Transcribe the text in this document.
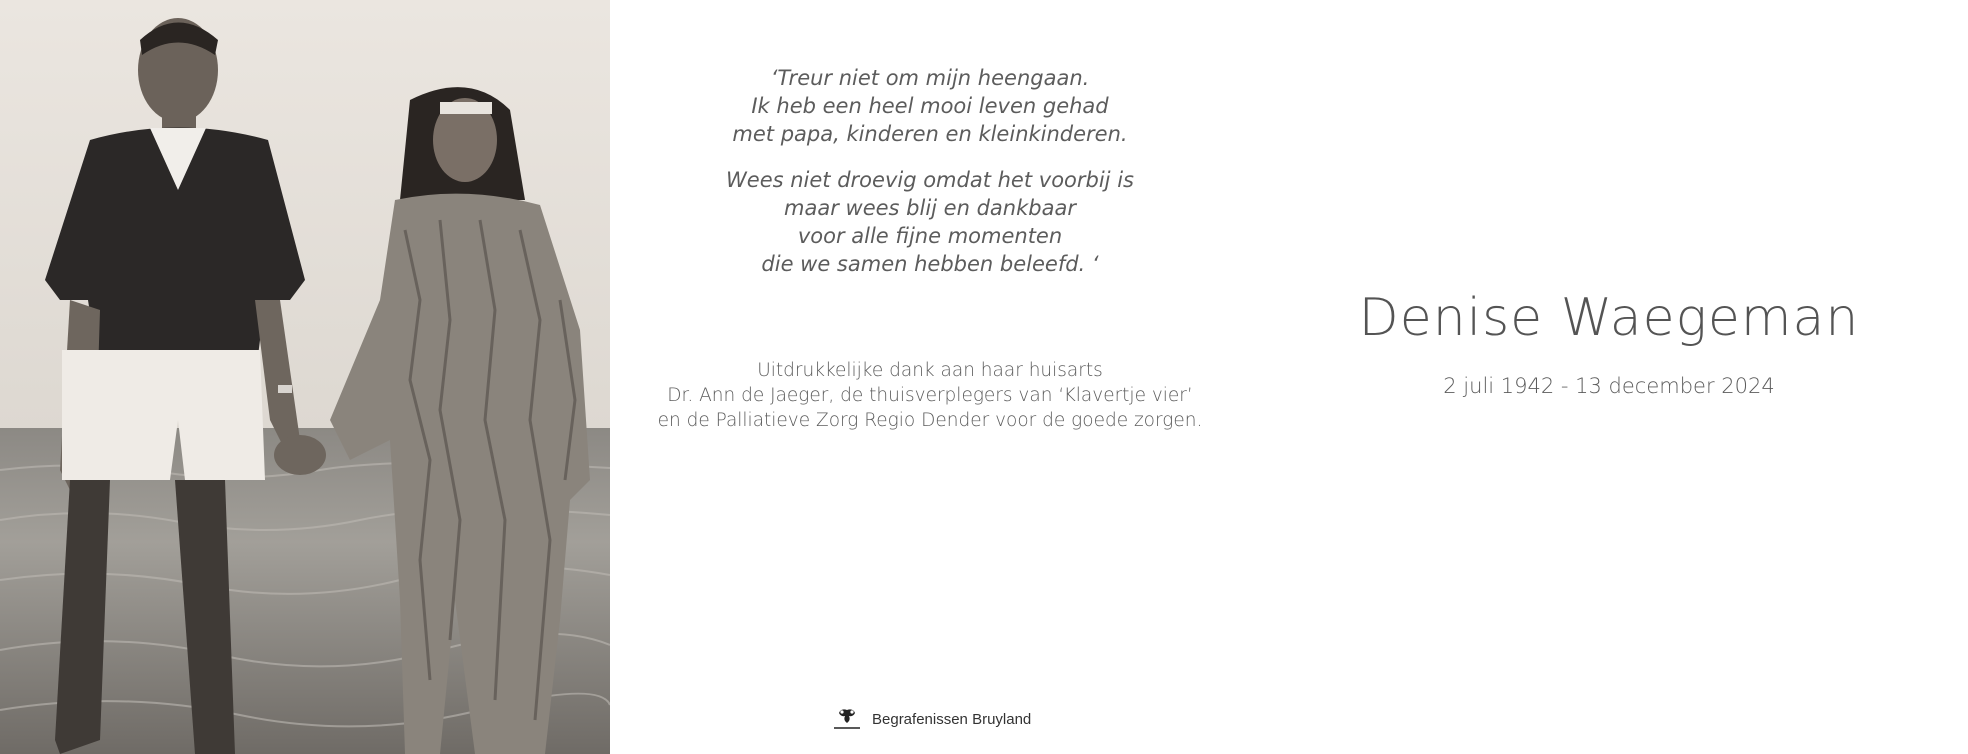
‘Treur niet om mijn heengaan.
Ik heb een heel mooi leven gehad
met papa, kinderen en kleinkinderen.
Wees niet droevig omdat het voorbij is
maar wees blij en dankbaar
voor alle fijne momenten
die we samen hebben beleefd. ‘
Uitdrukkelijke dank aan haar huisarts
Dr. Ann de Jaeger, de thuisverplegers van ‘Klavertje vier’
en de Palliatieve Zorg Regio Dender voor de goede zorgen.
Begrafenissen Bruyland
Denise Waegeman
2 juli 1942 - 13 december 2024
